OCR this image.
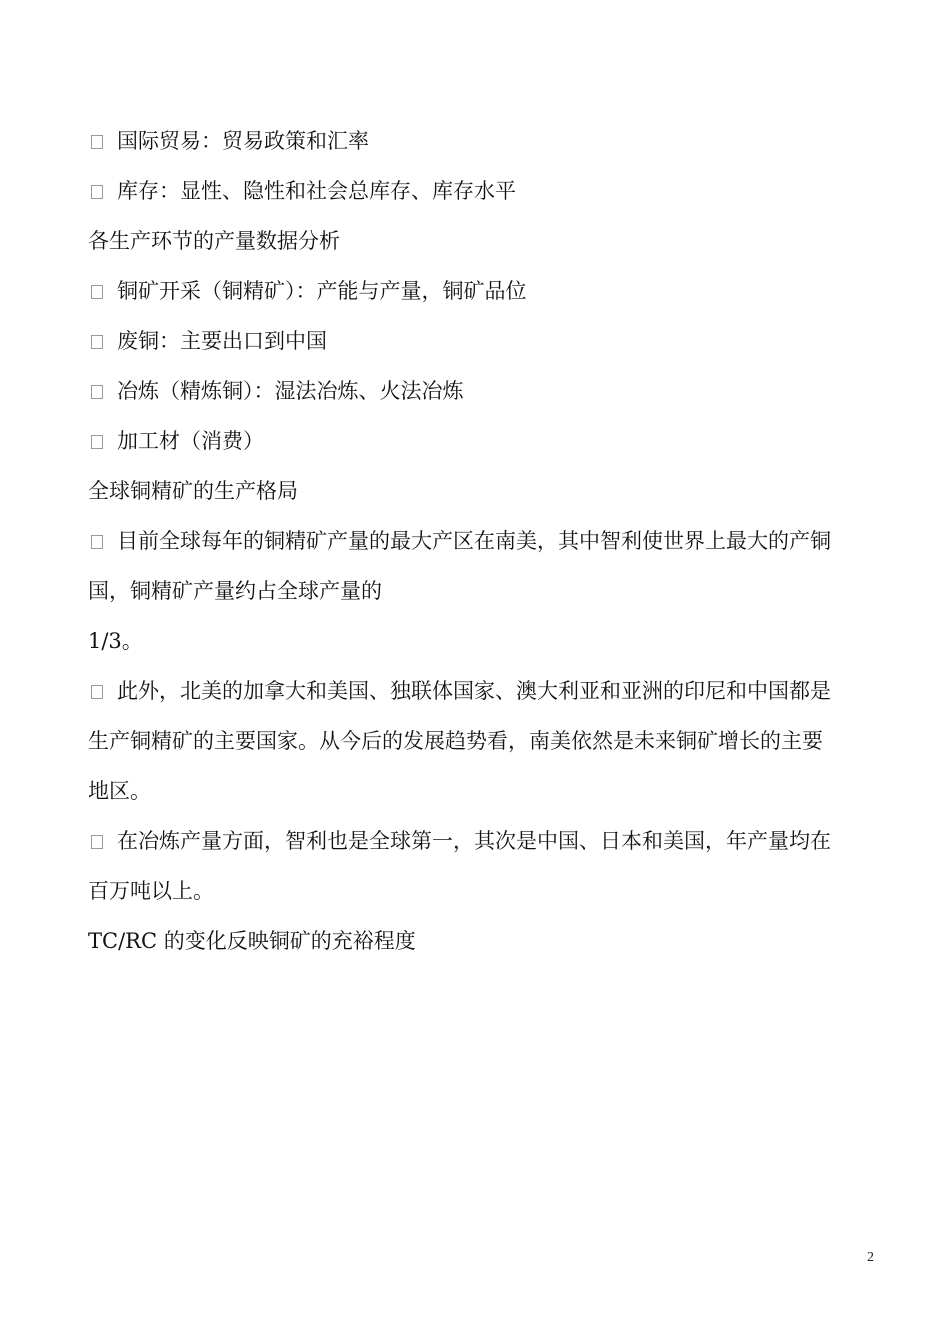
国际贸易：贸易政策和汇率
库存：显性、隐性和社会总库存、库存水平
各生产环节的产量数据分析
铜矿开采（铜精矿）：产能与产量，铜矿品位
废铜：主要出口到中国
冶炼（精炼铜）：湿法冶炼、火法冶炼
加工材（消费）
全球铜精矿的生产格局
目前全球每年的铜精矿产量的最大产区在南美，其中智利使世界上最大的产铜
国，铜精矿产量约占全球产量的
1/3。
此外，北美的加拿大和美国、独联体国家、澳大利亚和亚洲的印尼和中国都是
生产铜精矿的主要国家。从今后的发展趋势看，南美依然是未来铜矿增长的主要
地区。
在冶炼产量方面，智利也是全球第一，其次是中国、日本和美国，年产量均在
百万吨以上。
TC/RC 的变化反映铜矿的充裕程度
2
